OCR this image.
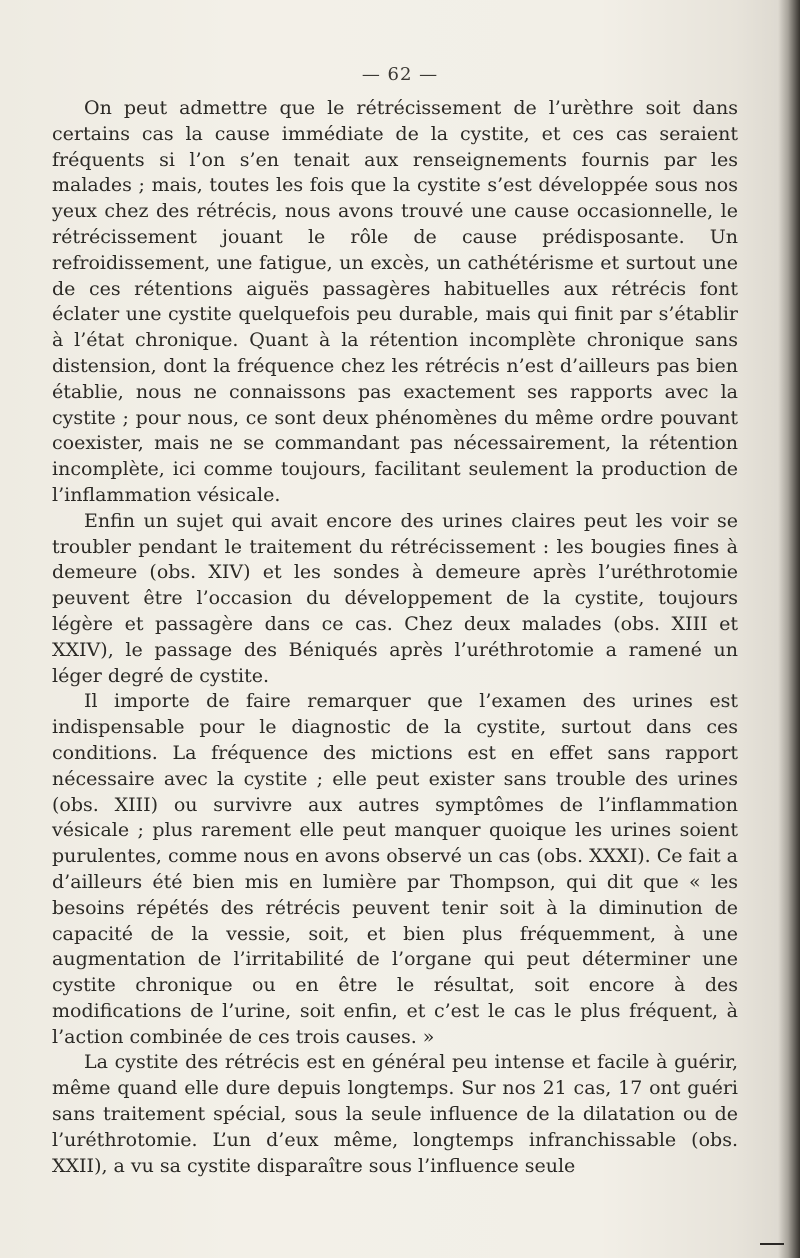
— 62 —

On peut admettre que le rétrécissement de l’urèthre soit dans certains cas la cause immédiate de la cystite, et ces cas seraient fréquents si l’on s’en tenait aux renseignements fournis par les malades ; mais, toutes les fois que la cystite s’est développée sous nos yeux chez des rétrécis, nous avons trouvé une cause occasionnelle, le rétrécissement jouant le rôle de cause prédisposante. Un refroidissement, une fatigue, un excès, un cathétérisme et surtout une de ces rétentions aiguës passagères habituelles aux rétrécis font éclater une cystite quelquefois peu durable, mais qui finit par s’établir à l’état chronique. Quant à la rétention incomplète chronique sans distension, dont la fréquence chez les rétrécis n’est d’ailleurs pas bien établie, nous ne connaissons pas exactement ses rapports avec la cystite ; pour nous, ce sont deux phénomènes du même ordre pouvant coexister, mais ne se commandant pas nécessairement, la rétention incomplète, ici comme toujours, facilitant seulement la production de l’inflammation vésicale.

Enfin un sujet qui avait encore des urines claires peut les voir se troubler pendant le traitement du rétrécissement : les bougies fines à demeure (obs. XIV) et les sondes à demeure après l’uréthrotomie peuvent être l’occasion du développement de la cystite, toujours légère et passagère dans ce cas. Chez deux malades (obs. XIII et XXIV), le passage des Béniqués après l’uréthrotomie a ramené un léger degré de cystite.

Il importe de faire remarquer que l’examen des urines est indispensable pour le diagnostic de la cystite, surtout dans ces conditions. La fréquence des mictions est en effet sans rapport nécessaire avec la cystite ; elle peut exister sans trouble des urines (obs. XIII) ou survivre aux autres symptômes de l’inflammation vésicale ; plus rarement elle peut manquer quoique les urines soient purulentes, comme nous en avons observé un cas (obs. XXXI). Ce fait a d’ailleurs été bien mis en lumière par Thompson, qui dit que « les besoins répétés des rétrécis peuvent tenir soit à la diminution de capacité de la vessie, soit, et bien plus fréquemment, à une augmentation de l’irritabilité de l’organe qui peut déterminer une cystite chronique ou en être le résultat, soit encore à des modifications de l’urine, soit enfin, et c’est le cas le plus fréquent, à l’action combinée de ces trois causes. »

La cystite des rétrécis est en général peu intense et facile à guérir, même quand elle dure depuis longtemps. Sur nos 21 cas, 17 ont guéri sans traitement spécial, sous la seule influence de la dilatation ou de l’uréthrotomie. L’un d’eux même, longtemps infranchissable (obs. XXII), a vu sa cystite disparaître sous l’influence seule
